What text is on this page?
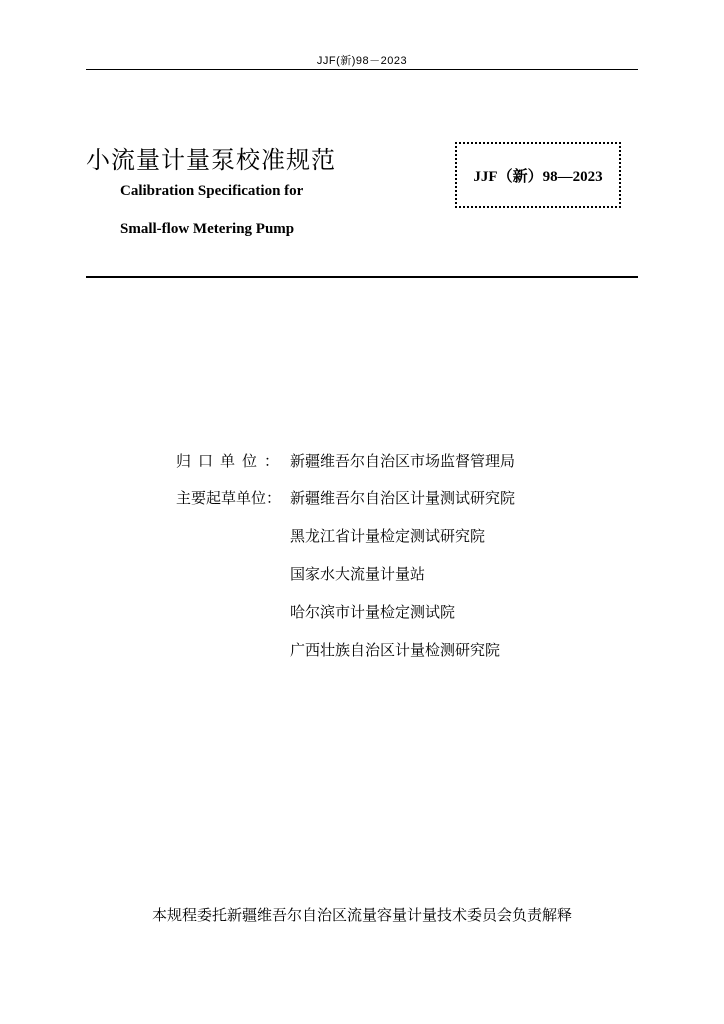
JJF(新)98－2023
小流量计量泵校准规范
Calibration Specification for
Small-flow Metering Pump
JJF（新）98—2023
归口单位： 新疆维吾尔自治区市场监督管理局
主要起草单位： 新疆维吾尔自治区计量测试研究院
黑龙江省计量检定测试研究院
国家水大流量计量站
哈尔滨市计量检定测试院
广西壮族自治区计量检测研究院
本规程委托新疆维吾尔自治区流量容量计量技术委员会负责解释
